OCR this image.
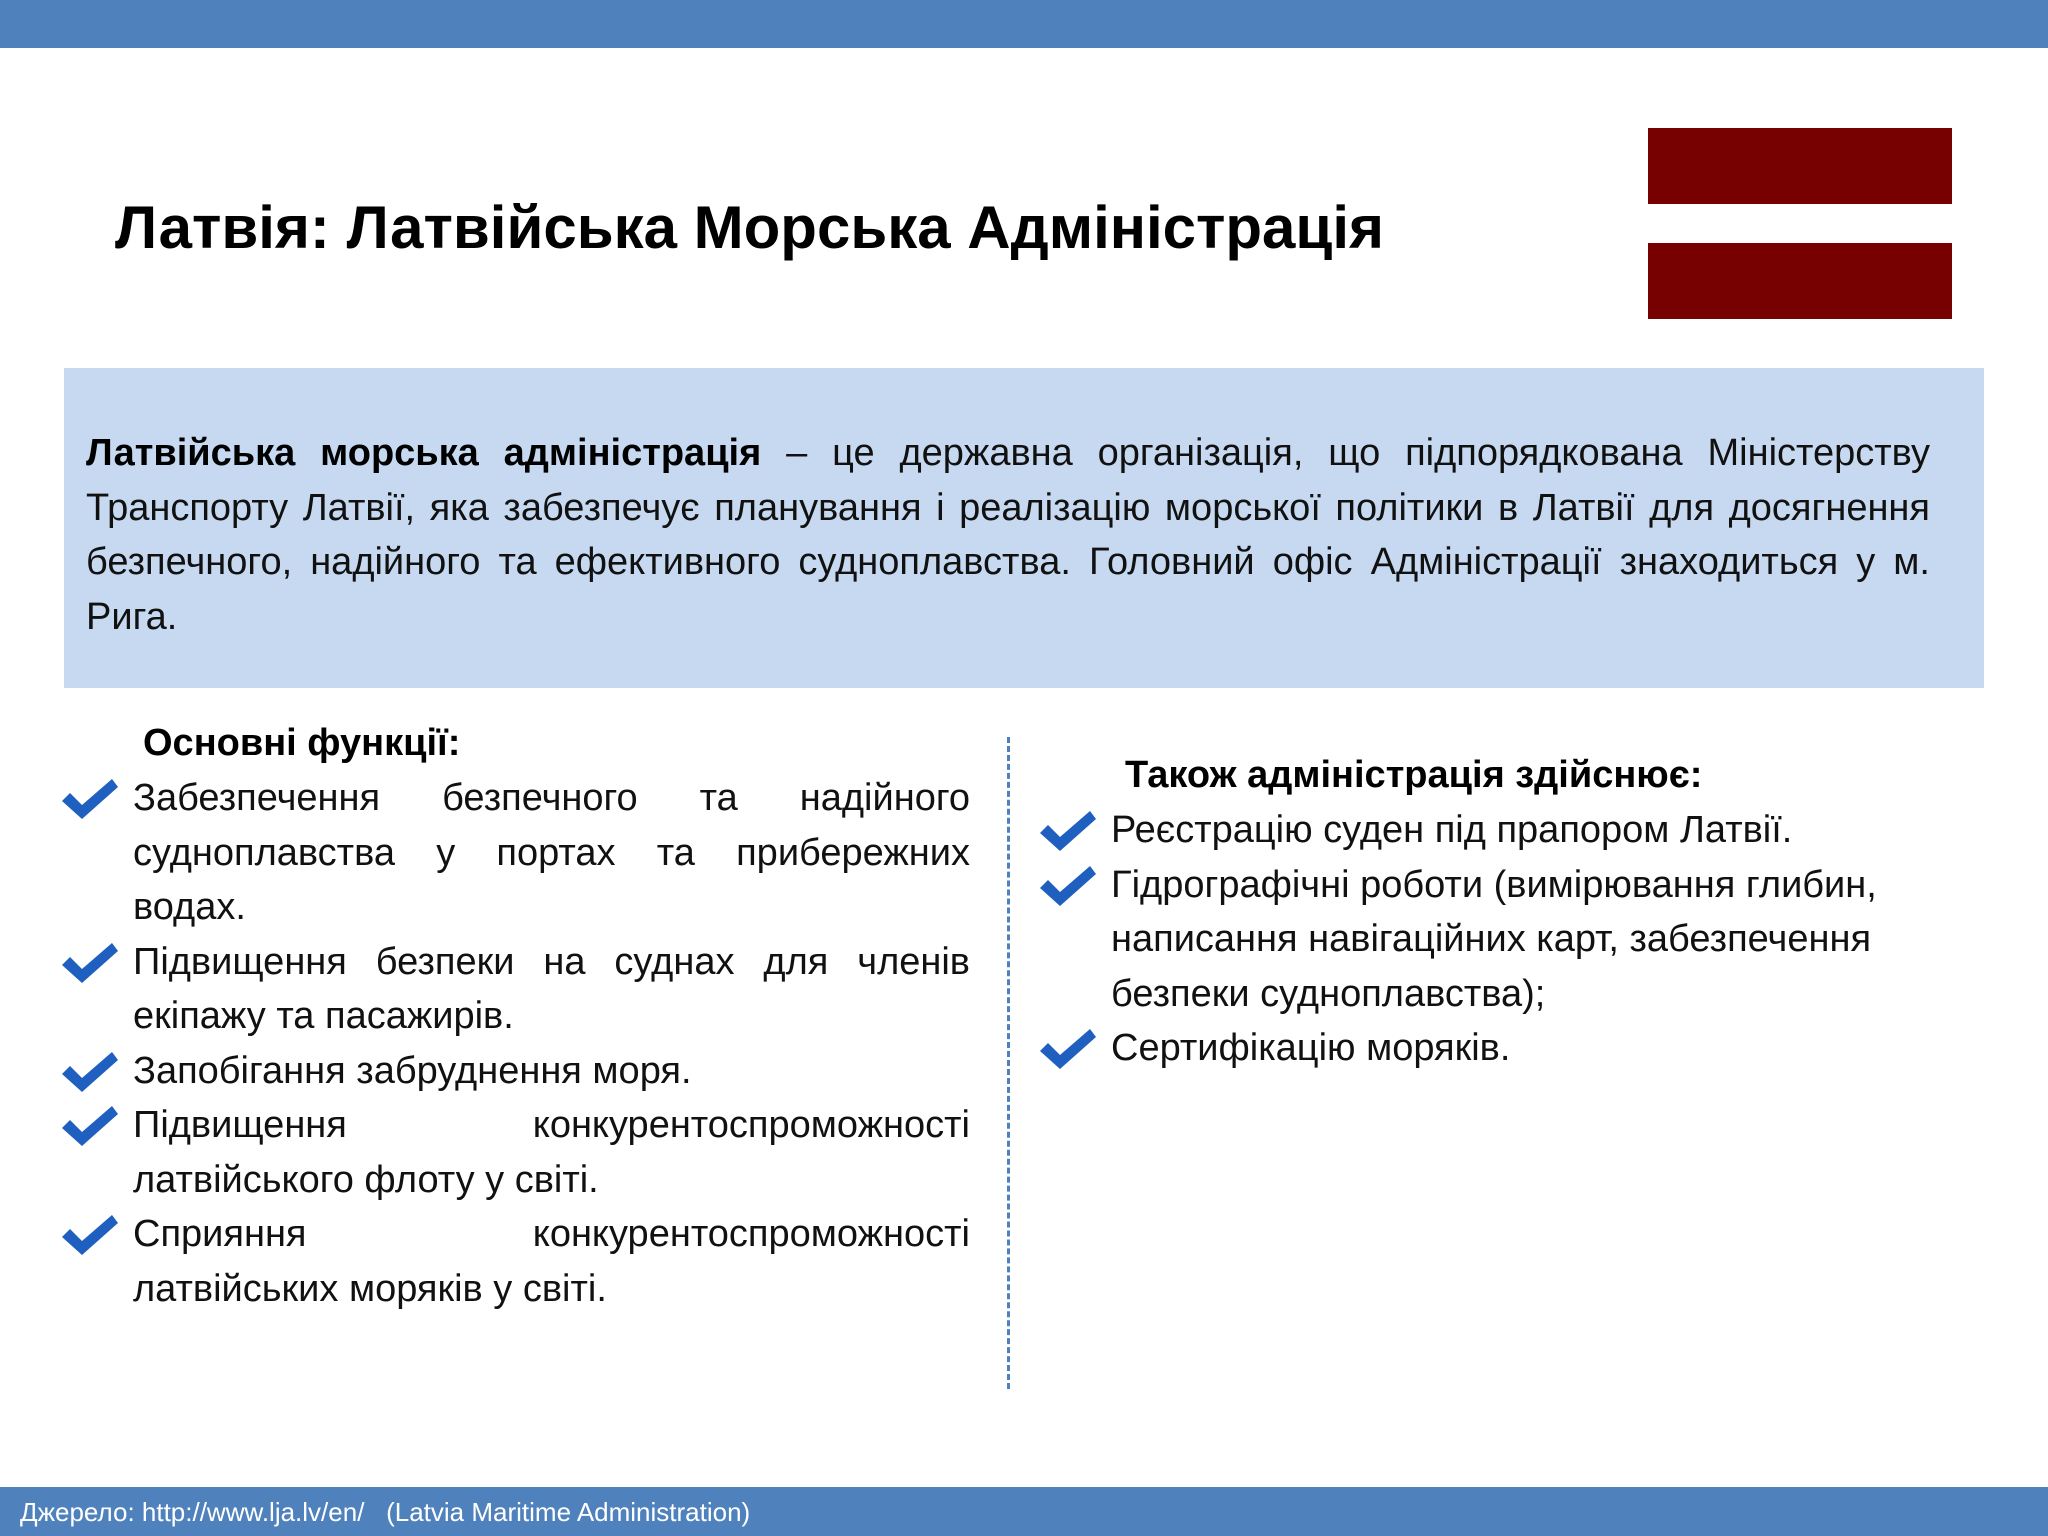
Латвія: Латвійська Морська Адміністрація
Латвійська морська адміністрація – це державна організація, що підпорядкована Міністерству Транспорту Латвії, яка забезпечує планування і реалізацію морської політики в Латвії для досягнення безпечного, надійного та ефективного судноплавства. Головний офіс Адміністрації знаходиться у м. Рига.
Основні функції:
Забезпечення безпечного та надійного судноплавства у портах та прибережних водах.
Підвищення безпеки на суднах для членів екіпажу та пасажирів.
Запобігання забруднення моря.
Підвищення конкурентоспроможності латвійського флоту у світі.
Сприяння конкурентоспроможності латвійських моряків у світі.
Також адміністрація здійснює:
Реєстрацію суден під прапором Латвії.
Гідрографічні роботи (вимірювання глибин, написання навігаційних карт, забезпечення безпеки судноплавства);
Сертифікацію моряків.
Джерело: http://www.lja.lv/en/   (Latvia Maritime Administration)
